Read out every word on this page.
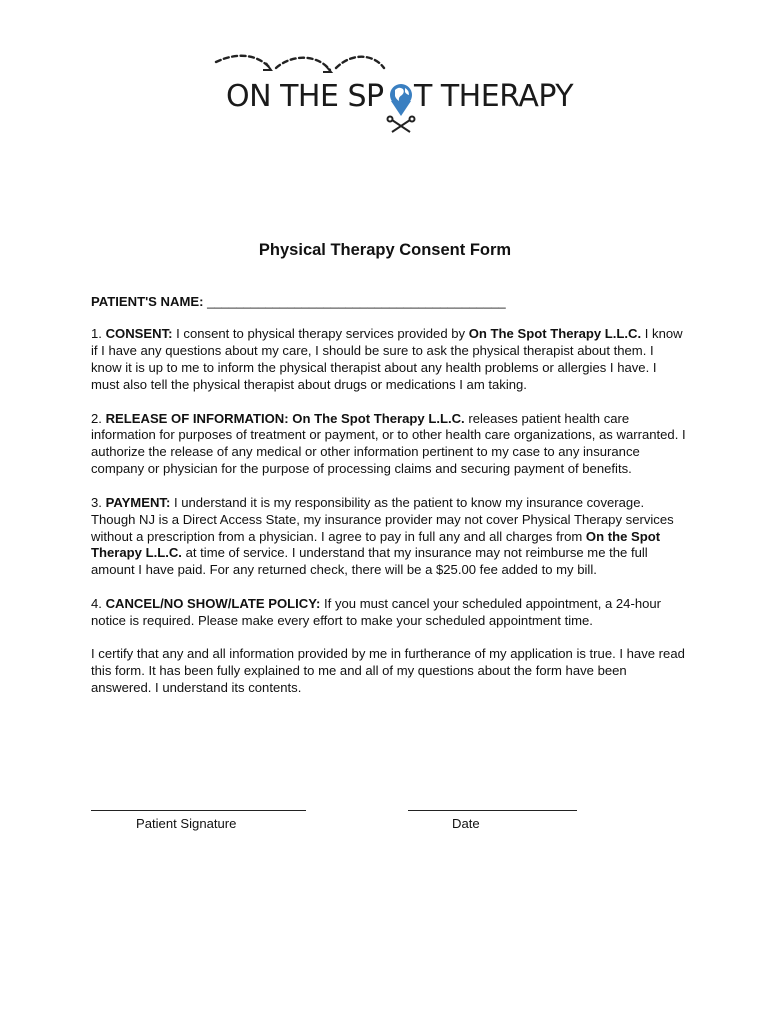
ON THE SP T THERAPY
Physical Therapy Consent Form

PATIENT'S NAME: _________________________________________

1. CONSENT: I consent to physical therapy services provided by On The Spot Therapy L.L.C. I know if I have any questions about my care, I should be sure to ask the physical therapist about them. I know it is up to me to inform the physical therapist about any health problems or allergies I have. I must also tell the physical therapist about drugs or medications I am taking.

2. RELEASE OF INFORMATION: On The Spot Therapy L.L.C. releases patient health care information for purposes of treatment or payment, or to other health care organizations, as warranted. I authorize the release of any medical or other information pertinent to my case to any insurance company or physician for the purpose of processing claims and securing payment of benefits.

3. PAYMENT: I understand it is my responsibility as the patient to know my insurance coverage. Though NJ is a Direct Access State, my insurance provider may not cover Physical Therapy services without a prescription from a physician. I agree to pay in full any and all charges from On the Spot Therapy L.L.C. at time of service. I understand that my insurance may not reimburse me the full amount I have paid. For any returned check, there will be a $25.00 fee added to my bill.

4. CANCEL/NO SHOW/LATE POLICY: If you must cancel your scheduled appointment, a 24-hour notice is required. Please make every effort to make your scheduled appointment time.

I certify that any and all information provided by me in furtherance of my application is true. I have read this form. It has been fully explained to me and all of my questions about the form have been answered. I understand its contents.

Patient Signature	Date
